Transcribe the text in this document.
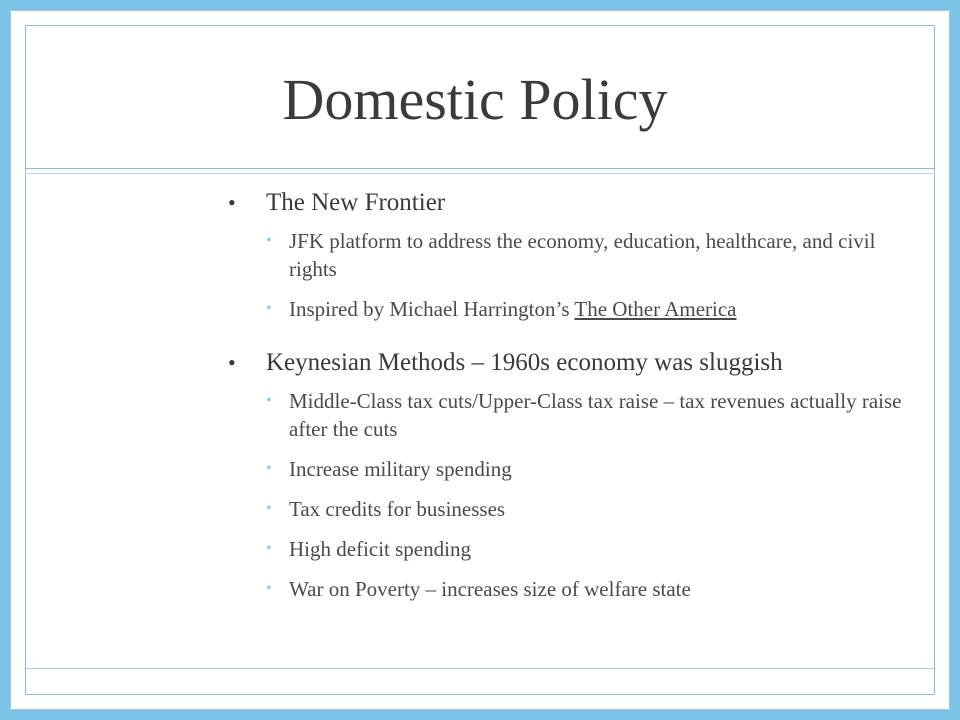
Domestic Policy
• The New Frontier
• JFK platform to address the economy, education, healthcare, and civil rights
• Inspired by Michael Harrington’s The Other America
• Keynesian Methods – 1960s economy was sluggish
• Middle-Class tax cuts/Upper-Class tax raise – tax revenues actually raise after the cuts
• Increase military spending
• Tax credits for businesses
• High deficit spending
• War on Poverty – increases size of welfare state
